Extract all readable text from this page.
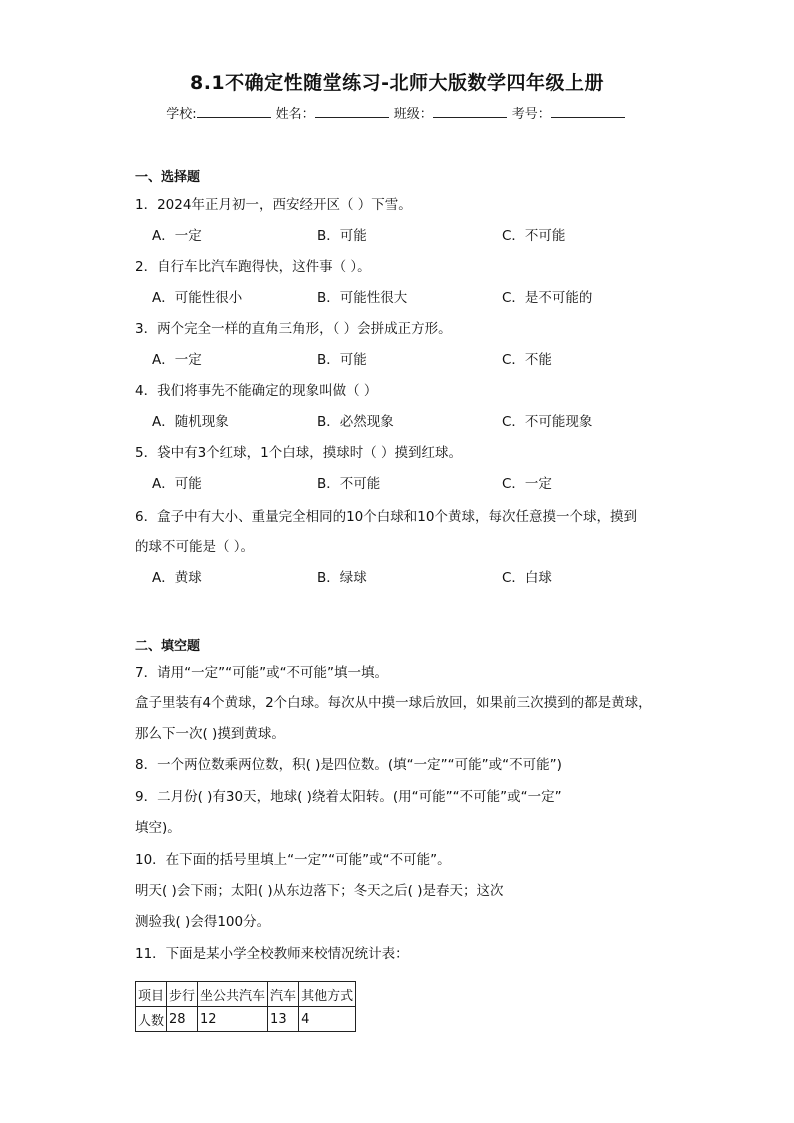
8.1不确定性随堂练习-北师大版数学四年级上册
学校:	姓名：	班级：	考号：
一、选择题
1．2024年正月初一，西安经开区（ ）下雪。
A．一定	B．可能	C．不可能
2．自行车比汽车跑得快，这件事（ ）。
A．可能性很小	B．可能性很大	C．是不可能的
3．两个完全一样的直角三角形，（ ）会拼成正方形。
A．一定	B．可能	C．不能
4．我们将事先不能确定的现象叫做（ ）
A．随机现象	B．必然现象	C．不可能现象
5．袋中有3个红球，1个白球，摸球时（ ）摸到红球。
A．可能	B．不可能	C．一定
6．盒子中有大小、重量完全相同的10个白球和10个黄球，每次任意摸一个球，摸到
的球不可能是（ ）。
A．黄球	B．绿球	C．白球
二、填空题
7．请用“一定”“可能”或“不可能”填一填。
盒子里装有4个黄球，2个白球。每次从中摸一球后放回，如果前三次摸到的都是黄球，
那么下一次( )摸到黄球。
8．一个两位数乘两位数，积( )是四位数。(填“一定”“可能”或“不可能”)
9．二月份( )有30天，地球( )绕着太阳转。(用“可能”“不可能”或“一定”
填空)。
10．在下面的括号里填上“一定”“可能”或“不可能”。
明天( )会下雨；太阳( )从东边落下；冬天之后( )是春天；这次
测验我( )会得100分。
11．下面是某小学全校教师来校情况统计表：
项目	步行	坐公共汽车	汽车	其他方式
人数	28	12	13	4
